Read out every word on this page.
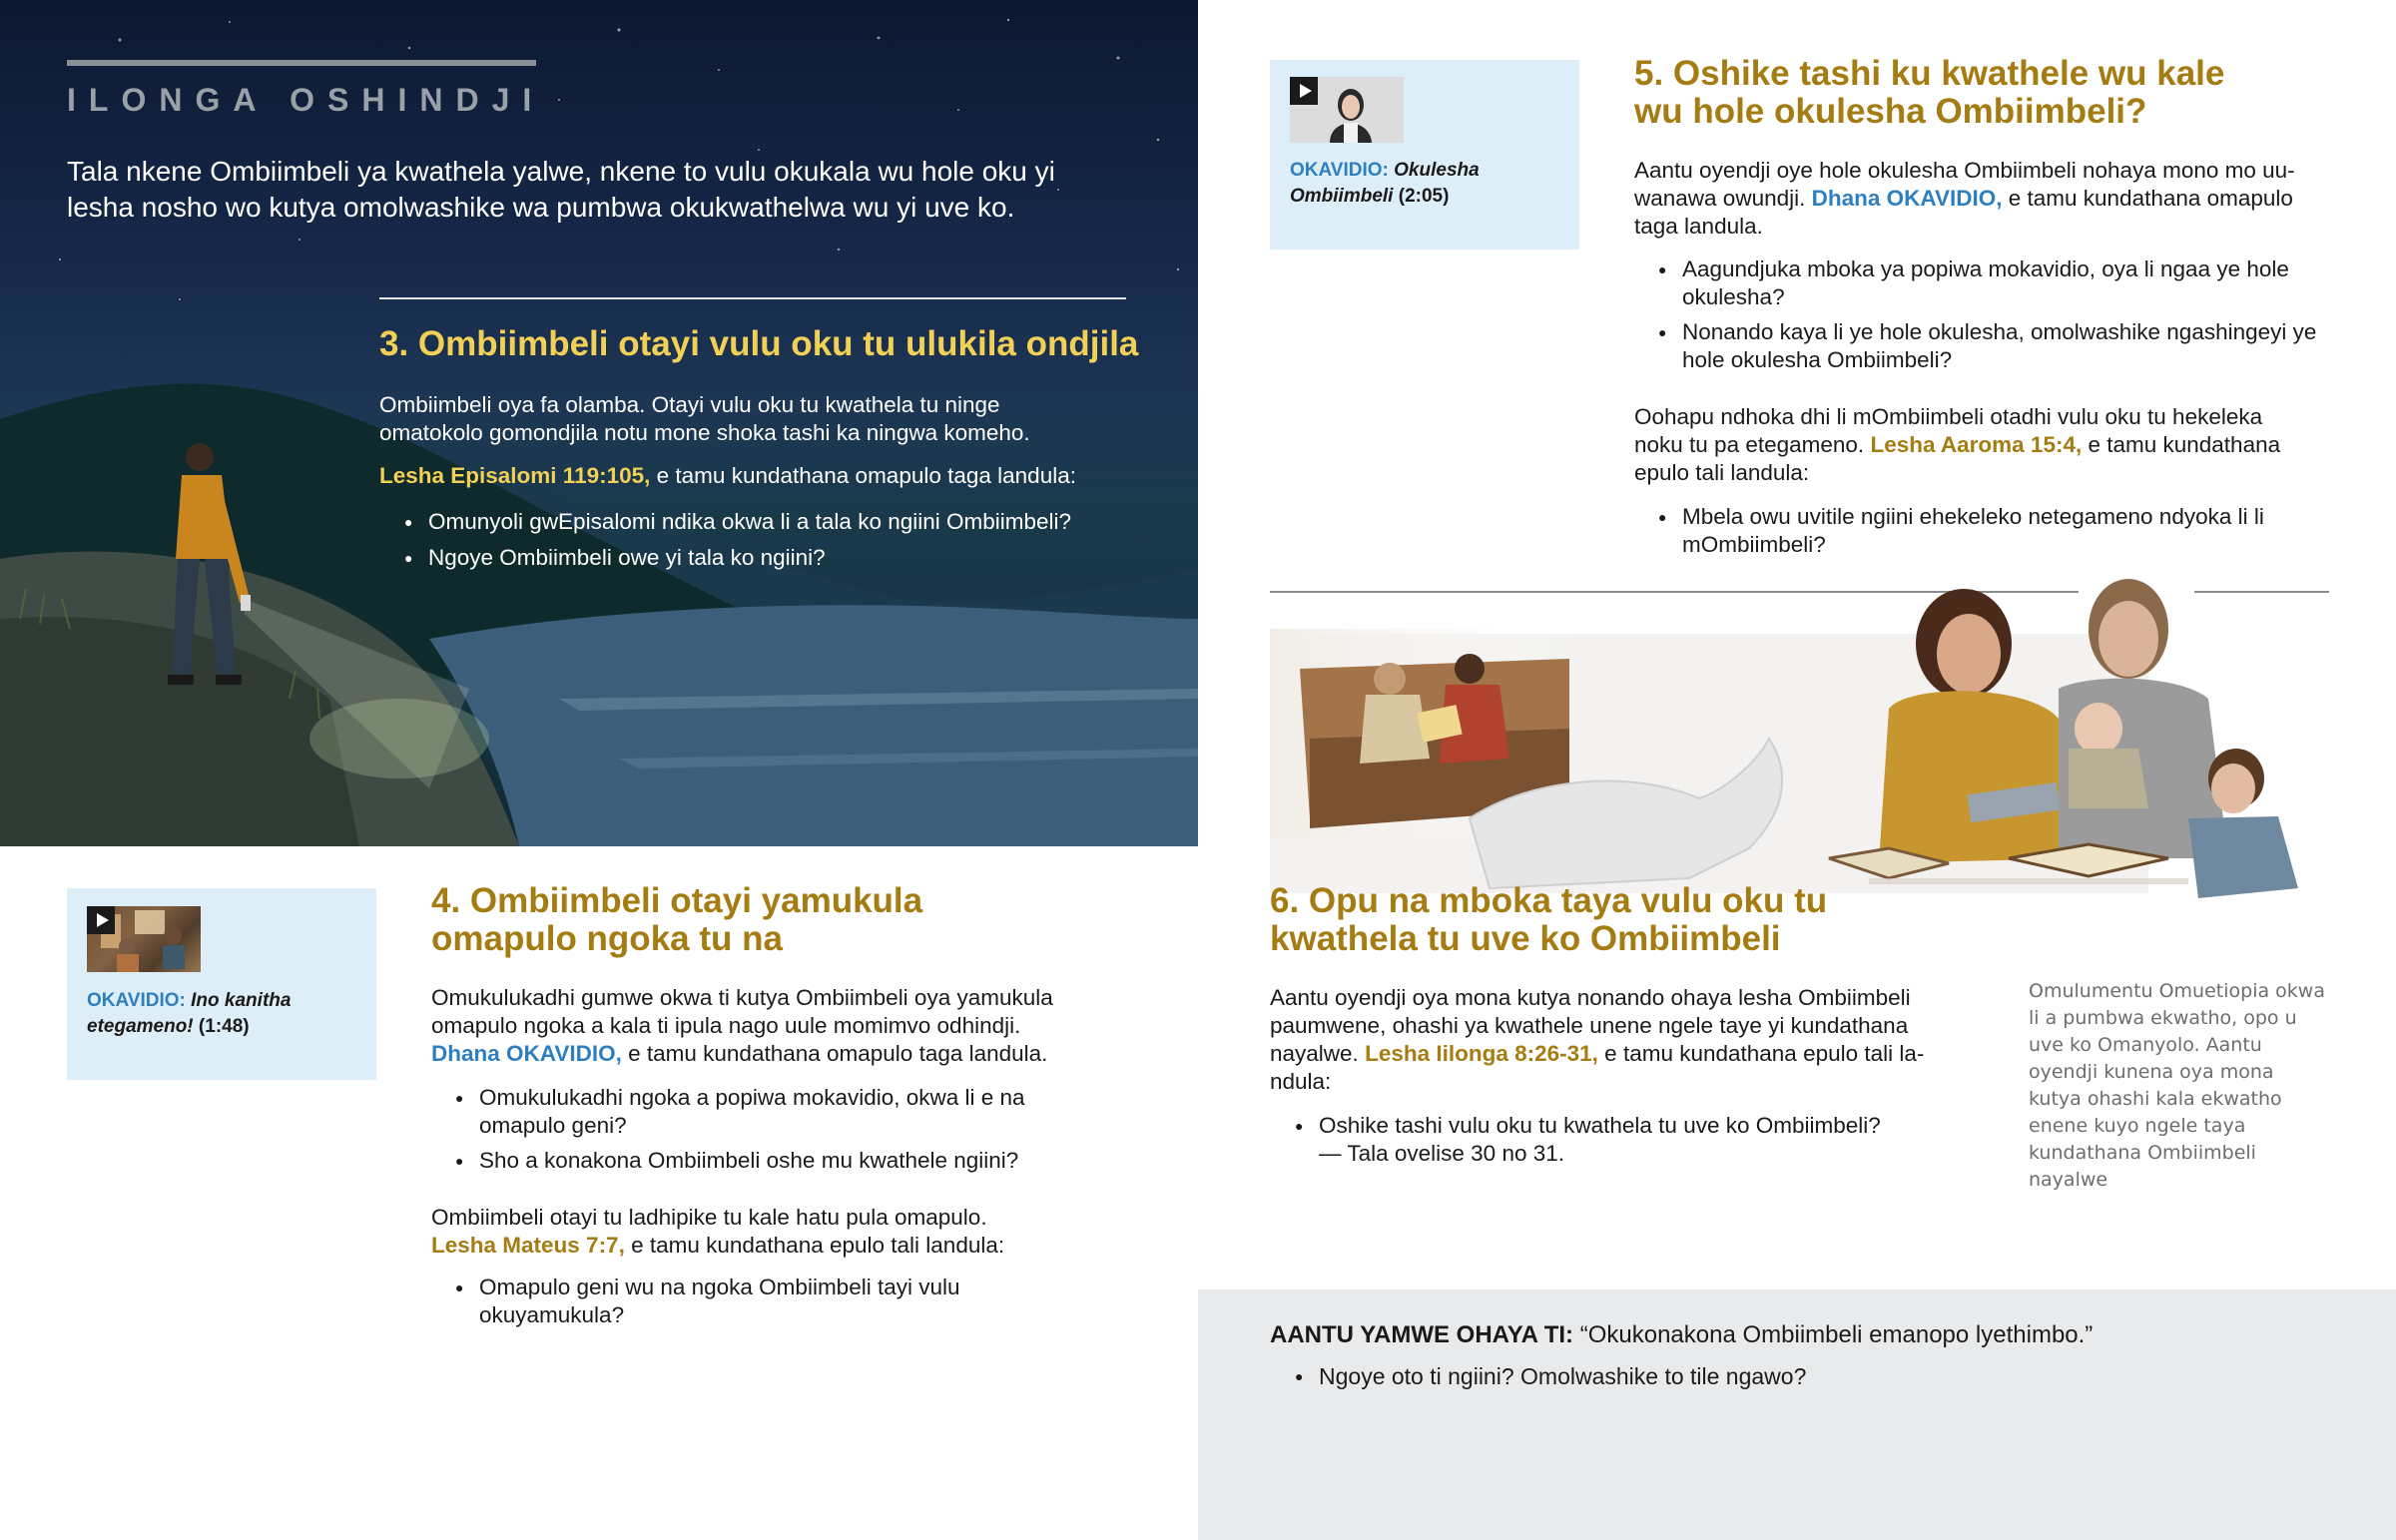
ILONGA OSHINDJI
Tala nkene Ombiimbeli ya kwathela yalwe, nkene to vulu okukala wu hole oku yi lesha nosho wo kutya omolwashike wa pumbwa okukwathelwa wu yi uve ko.
3. Ombiimbeli otayi vulu oku tu ulukila ondjila
Ombiimbeli oya fa olamba. Otayi vulu oku tu kwathela tu ninge omatokolo gomondjila notu mone shoka tashi ka ningwa komeho.
Lesha Episalomi 119:105, e tamu kundathana omapulo taga landula:
● Omunyoli gwEpisalomi ndika okwa li a tala ko ngiini Ombiimbeli?
● Ngoye Ombiimbeli owe yi tala ko ngiini?
OKAVIDIO: Ino kanitha etegameno! (1:48)
4. Ombiimbeli otayi yamukula
omapulo ngoka tu na
Omukulukadhi gumwe okwa ti kutya Ombiimbeli oya yamukula omapulo ngoka a kala ti ipula nago uule momimvo odhindji.
Dhana OKAVIDIO, e tamu kundathana omapulo taga landula.
● Omukulukadhi ngoka a popiwa mokavidio, okwa li e na omapulo geni?
● Sho a konakona Ombiimbeli oshe mu kwathele ngiini?
Ombiimbeli otayi tu ladhipike tu kale hatu pula omapulo.
Lesha Mateus 7:7, e tamu kundathana epulo tali landula:
● Omapulo geni wu na ngoka Ombiimbeli tayi vulu okuyamukula?
OKAVIDIO: Okulesha Ombiimbeli (2:05)
5. Oshike tashi ku kwathele wu kale
wu hole okulesha Ombiimbeli?
Aantu oyendji oye hole okulesha Ombiimbeli nohaya mono mo uuwanawa owundji. Dhana OKAVIDIO, e tamu kundathana omapulo taga landula.
● Aagundjuka mboka ya popiwa mokavidio, oya li ngaa ye hole okulesha?
● Nonando kaya li ye hole okulesha, omolwashike ngashingeyi ye hole okulesha Ombiimbeli?
Oohapu ndhoka dhi li mOmbiimbeli otadhi vulu oku tu hekeleka noku tu pa etegameno. Lesha Aaroma 15:4, e tamu kundathana epulo tali landula:
● Mbela owu uvitile ngiini ehekeleko netegameno ndyoka li li mOmbiimbeli?
6. Opu na mboka taya vulu oku tu
kwathela tu uve ko Ombiimbeli
Aantu oyendji oya mona kutya nonando ohaya lesha Ombiimbeli paumwene, ohashi ya kwathele unene ngele taye yi kundathana nayalwe. Lesha Iilonga 8:26-31, e tamu kundathana epulo tali landula:
● Oshike tashi vulu oku tu kwathela tu uve ko Ombiimbeli?
— Tala ovelise 30 no 31.
Omulumentu Omuetiopia okwa li a pumbwa ekwatho, opo u uve ko Omanyolo. Aantu oyendji kunena oya mona kutya ohashi kala ekwatho enene kuyo ngele taya kundathana Ombiimbeli nayalwe
AANTU YAMWE OHAYA TI: “Okukonakona Ombiimbeli emanopo lyethimbo.”
● Ngoye oto ti ngiini? Omolwashike to tile ngawo?
